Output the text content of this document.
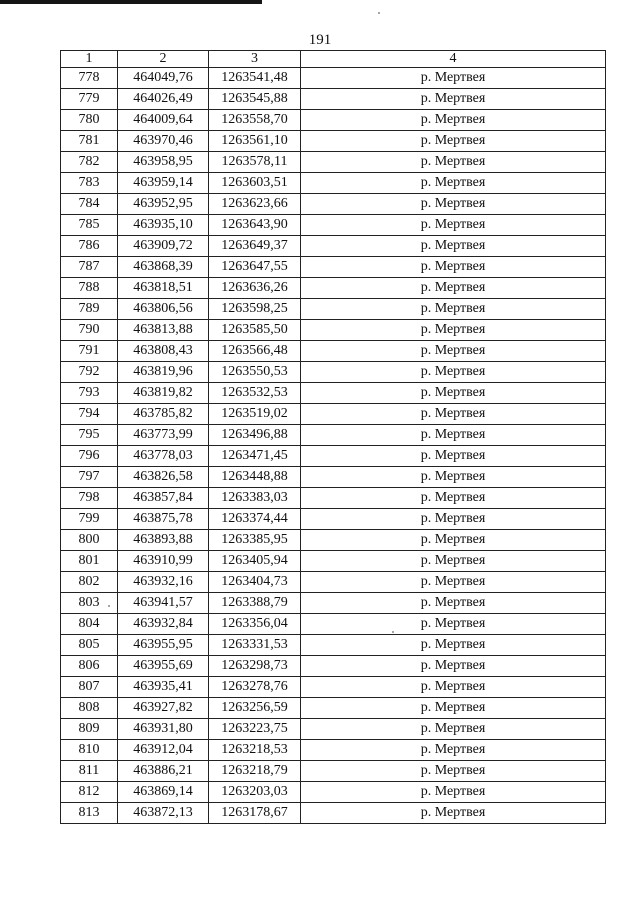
191
1	2	3	4
778	464049,76	1263541,48	р. Мертвея
779	464026,49	1263545,88	р. Мертвея
780	464009,64	1263558,70	р. Мертвея
781	463970,46	1263561,10	р. Мертвея
782	463958,95	1263578,11	р. Мертвея
783	463959,14	1263603,51	р. Мертвея
784	463952,95	1263623,66	р. Мертвея
785	463935,10	1263643,90	р. Мертвея
786	463909,72	1263649,37	р. Мертвея
787	463868,39	1263647,55	р. Мертвея
788	463818,51	1263636,26	р. Мертвея
789	463806,56	1263598,25	р. Мертвея
790	463813,88	1263585,50	р. Мертвея
791	463808,43	1263566,48	р. Мертвея
792	463819,96	1263550,53	р. Мертвея
793	463819,82	1263532,53	р. Мертвея
794	463785,82	1263519,02	р. Мертвея
795	463773,99	1263496,88	р. Мертвея
796	463778,03	1263471,45	р. Мертвея
797	463826,58	1263448,88	р. Мертвея
798	463857,84	1263383,03	р. Мертвея
799	463875,78	1263374,44	р. Мертвея
800	463893,88	1263385,95	р. Мертвея
801	463910,99	1263405,94	р. Мертвея
802	463932,16	1263404,73	р. Мертвея
803	463941,57	1263388,79	р. Мертвея
804	463932,84	1263356,04	р. Мертвея
805	463955,95	1263331,53	р. Мертвея
806	463955,69	1263298,73	р. Мертвея
807	463935,41	1263278,76	р. Мертвея
808	463927,82	1263256,59	р. Мертвея
809	463931,80	1263223,75	р. Мертвея
810	463912,04	1263218,53	р. Мертвея
811	463886,21	1263218,79	р. Мертвея
812	463869,14	1263203,03	р. Мертвея
813	463872,13	1263178,67	р. Мертвея
